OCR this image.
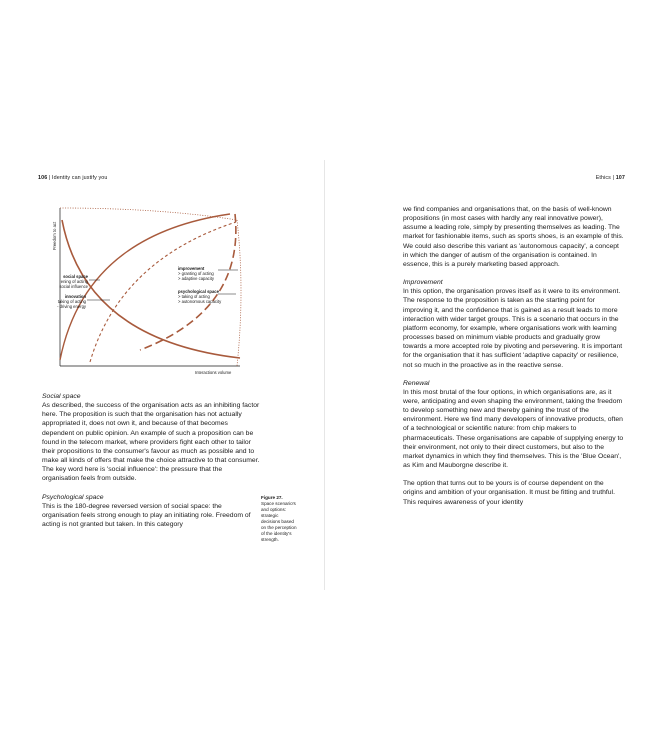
106 | Identity can justify you
Freedom to act
Interactions volume
social space
ening of acting
social influence
innovation
taking of acting
- driving energy
improvement
> granting of acting
> adaptive capacity
psychological space
> taking of acting
> autonomous capacity

Social space

As described, the success of the organisation acts as an inhibiting factor here. The proposition is such that the organisation has not actually appropriated it, does not own it, and because of that becomes dependent on public opinion. An example of such a proposition can be found in the telecom market, where providers fight each other to tailor their propositions to the consumer's favour as much as possible and to make all kinds of offers that make the choice attractive to that consumer. The key word here is 'social influence': the pressure that the organisation feels from outside.

Psychological space

This is the 180-degree reversed version of social space: the organisation feels strong enough to play an initiating role. Freedom of acting is not granted but taken. In this category

Figure 27.
Space scenario's
and options:
strategic
decisions based
on the perception
of the identity's
strength.
Ethics | 107

we find companies and organisations that, on the basis of well-known propositions (in most cases with hardly any real innovative power), assume a leading role, simply by presenting themselves as leading. The market for fashionable items, such as sports shoes, is an example of this. We could also describe this variant as 'autonomous capacity', a concept in which the danger of autism of the organisation is contained. In essence, this is a purely marketing based approach.

Improvement

In this option, the organisation proves itself as it were to its environment. The response to the proposition is taken as the starting point for improving it, and the confidence that is gained as a result leads to more interaction with wider target groups. This is a scenario that occurs in the platform economy, for example, where organisations work with learning processes based on minimum viable products and gradually grow towards a more accepted role by pivoting and persevering. It is important for the organisation that it has sufficient 'adaptive capacity' or resilience, not so much in the proactive as in the reactive sense.

Renewal

In this most brutal of the four options, in which organisations are, as it were, anticipating and even shaping the environment, taking the freedom to develop something new and thereby gaining the trust of the environment. Here we find many developers of innovative products, often of a technological or scientific nature: from chip makers to pharmaceuticals. These organisations are capable of supplying energy to their environment, not only to their direct customers, but also to the market dynamics in which they find themselves. This is the 'Blue Ocean', as Kim and Mauborgne describe it.

The option that turns out to be yours is of course dependent on the origins and ambition of your organisation. It must be fitting and truthful. This requires awareness of your identity
